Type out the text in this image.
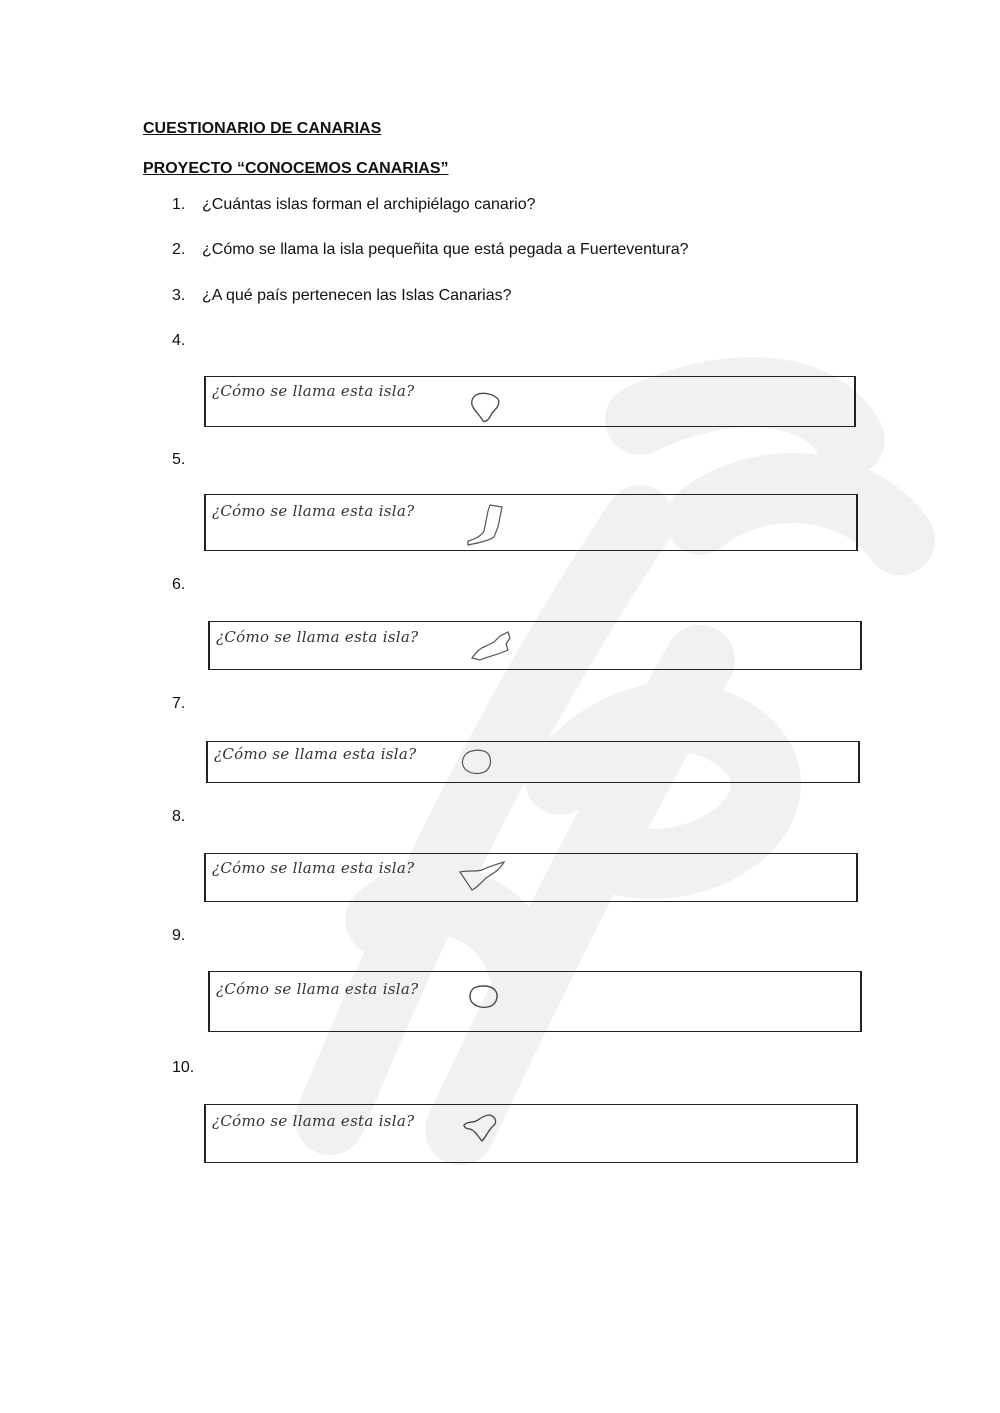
CUESTIONARIO DE CANARIAS
PROYECTO “CONOCEMOS CANARIAS”
1. ¿Cuántas islas forman el archipiélago canario?
2. ¿Cómo se llama la isla pequeñita que está pegada a Fuerteventura?
3. ¿A qué país pertenecen las Islas Canarias?
4.
¿Cómo se llama esta isla?
5.
¿Cómo se llama esta isla?
6.
¿Cómo se llama esta isla?
7.
¿Cómo se llama esta isla?
8.
¿Cómo se llama esta isla?
9.
¿Cómo se llama esta isla?
10.
¿Cómo se llama esta isla?
